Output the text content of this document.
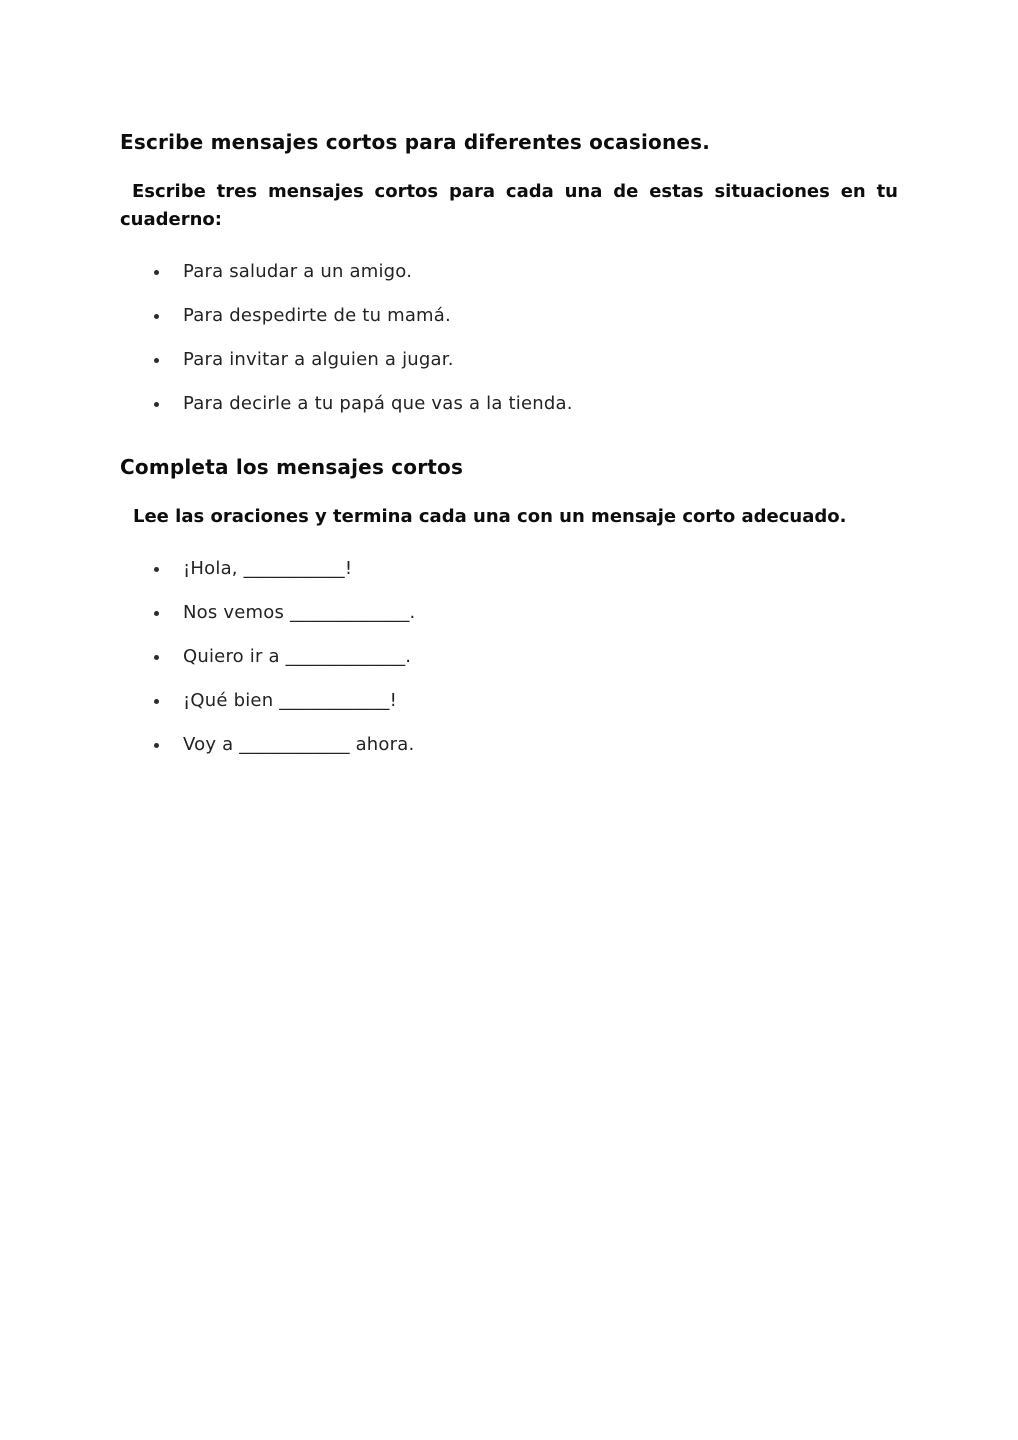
Escribe mensajes cortos para diferentes ocasiones.

Escribe tres mensajes cortos para cada una de estas situaciones en tu cuaderno:

Para saludar a un amigo.
Para despedirte de tu mamá.
Para invitar a alguien a jugar.
Para decirle a tu papá que vas a la tienda.
Completa los mensajes cortos

Lee las oraciones y termina cada una con un mensaje corto adecuado.

¡Hola, ___________!
Nos vemos _____________.
Quiero ir a _____________.
¡Qué bien ____________!
Voy a ____________ ahora.
